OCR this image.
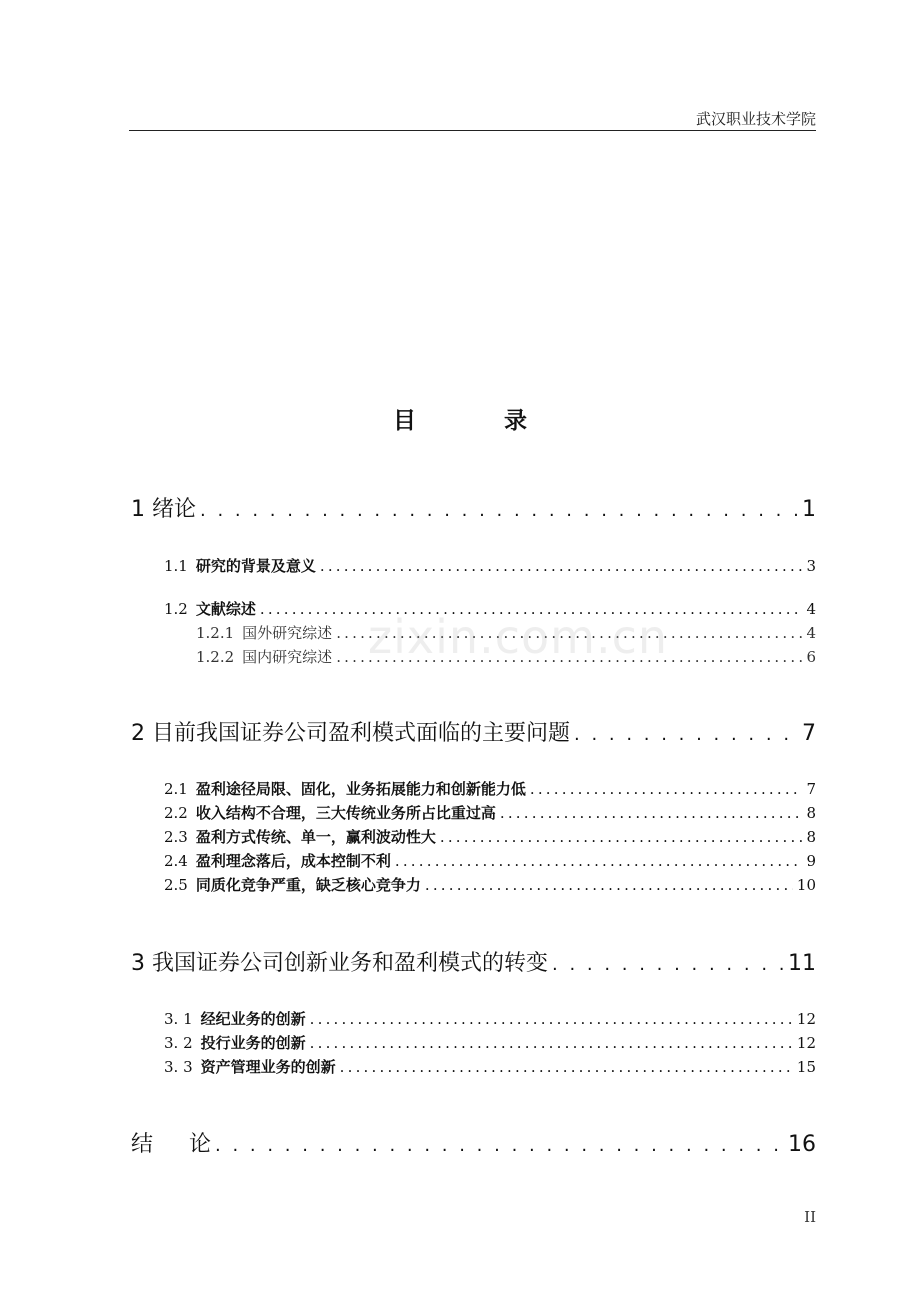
武汉职业技术学院
目 录
1 绪论 . . .	1
1.1 研究的背景及意义 .....	3
1.2 文献综述 .....	4
1.2.1 国外研究综述 .....	4
1.2.2 国内研究综述 .....	6
2 目前我国证券公司盈利模式面临的主要问题 . . .	7
2.1 盈利途径局限、固化，业务拓展能力和创新能力低 .....	7
2.2 收入结构不合理，三大传统业务所占比重过高 .....	8
2.3 盈利方式传统、单一，赢利波动性大 .....	8
2.4 盈利理念落后，成本控制不利 .....	9
2.5 同质化竞争严重，缺乏核心竞争力 .....	10
3 我国证券公司创新业务和盈利模式的转变 . . .	11
3. 1 经纪业务的创新 .....	12
3. 2 投行业务的创新 .....	12
3. 3 资产管理业务的创新 .....	15
结 论 . . .	16
zixin.com.cn
II
